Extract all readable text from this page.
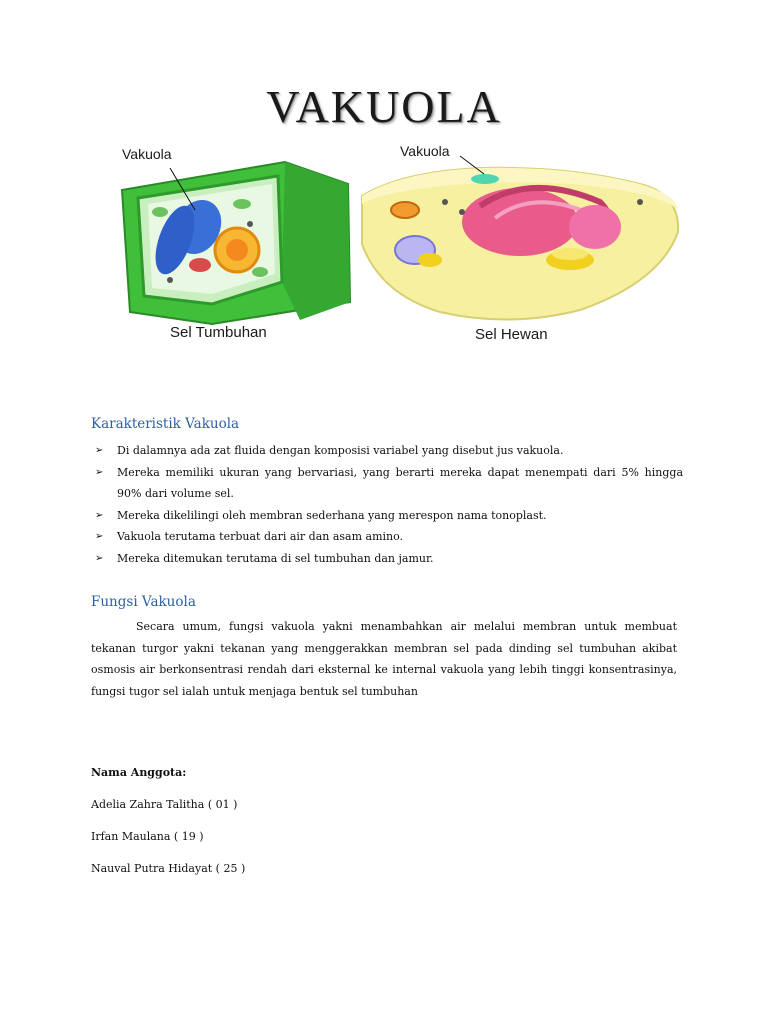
VAKUOLA
Vakuola	Vakuola
Sel Tumbuhan	Sel Hewan
Karakteristik Vakuola
➢ Di dalamnya ada zat fluida dengan komposisi variabel yang disebut jus vakuola.
➢ Mereka memiliki ukuran yang bervariasi, yang berarti mereka dapat menempati dari 5% hingga 90% dari volume sel.
➢ Mereka dikelilingi oleh membran sederhana yang merespon nama tonoplast.
➢ Vakuola terutama terbuat dari air dan asam amino.
➢ Mereka ditemukan terutama di sel tumbuhan dan jamur.
Fungsi Vakuola
Secara umum, fungsi vakuola yakni menambahkan air melalui membran untuk membuat tekanan turgor yakni tekanan yang menggerakkan membran sel pada dinding sel tumbuhan akibat osmosis air berkonsentrasi rendah dari eksternal ke internal vakuola yang lebih tinggi konsentrasinya, fungsi tugor sel ialah untuk menjaga bentuk sel tumbuhan
Nama Anggota:
Adelia Zahra Talitha ( 01 )
Irfan Maulana ( 19 )
Nauval Putra Hidayat ( 25 )
